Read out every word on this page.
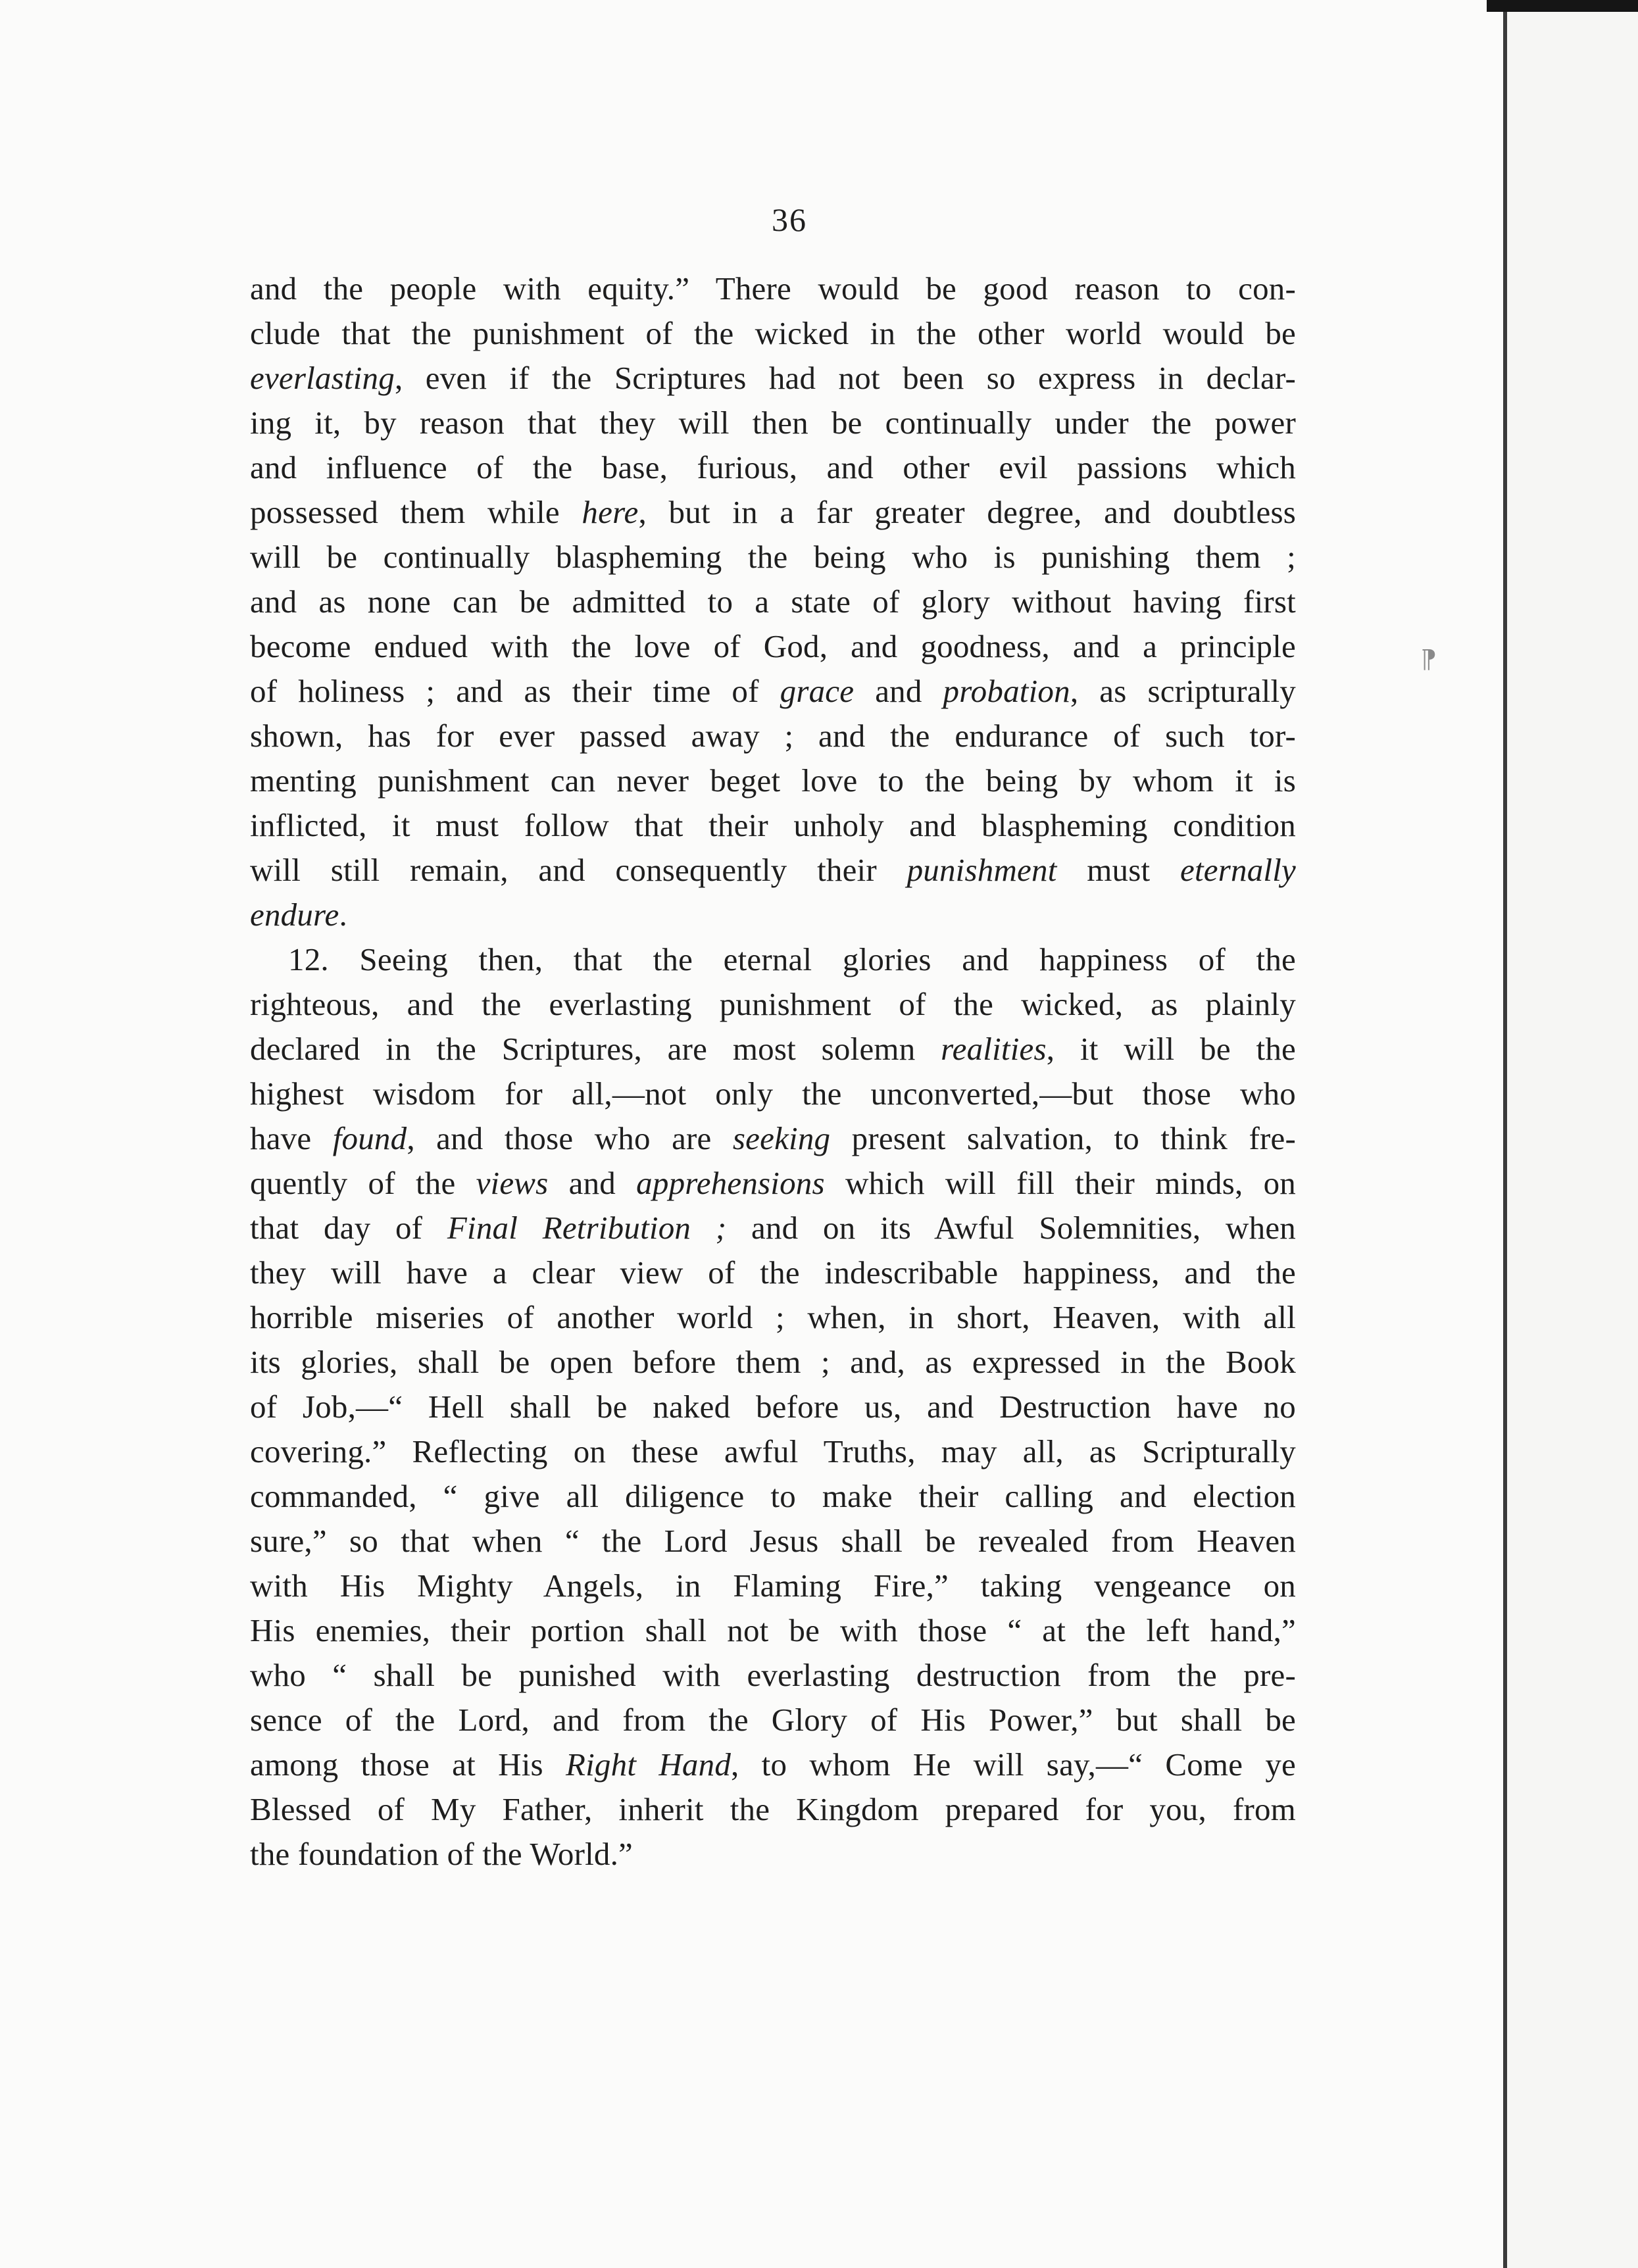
⁋
36
and the people with equity.” There would be good reason to con-
clude that the punishment of the wicked in the other world would be
everlasting, even if the Scriptures had not been so express in declar-
ing it, by reason that they will then be continually under the power
and influence of the base, furious, and other evil passions which
possessed them while here, but in a far greater degree, and doubtless
will be continually blaspheming the being who is punishing them ;
and as none can be admitted to a state of glory without having first
become endued with the love of God, and goodness, and a principle
of holiness ; and as their time of grace and probation, as scripturally
shown, has for ever passed away ; and the endurance of such tor-
menting punishment can never beget love to the being by whom it is
inflicted, it must follow that their unholy and blaspheming condition
will still remain, and consequently their punishment must eternally
endure.
12. Seeing then, that the eternal glories and happiness of the
righteous, and the everlasting punishment of the wicked, as plainly
declared in the Scriptures, are most solemn realities, it will be the
highest wisdom for all,—not only the unconverted,—but those who
have found, and those who are seeking present salvation, to think fre-
quently of the views and apprehensions which will fill their minds, on
that day of Final Retribution ; and on its Awful Solemnities, when
they will have a clear view of the indescribable happiness, and the
horrible miseries of another world ; when, in short, Heaven, with all
its glories, shall be open before them ; and, as expressed in the Book
of Job,—“ Hell shall be naked before us, and Destruction have no
covering.” Reflecting on these awful Truths, may all, as Scripturally
commanded, “ give all diligence to make their calling and election
sure,” so that when “ the Lord Jesus shall be revealed from Heaven
with His Mighty Angels, in Flaming Fire,” taking vengeance on
His enemies, their portion shall not be with those “ at the left hand,”
who “ shall be punished with everlasting destruction from the pre-
sence of the Lord, and from the Glory of His Power,” but shall be
among those at His Right Hand, to whom He will say,—“ Come ye
Blessed of My Father, inherit the Kingdom prepared for you, from
the foundation of the World.”
